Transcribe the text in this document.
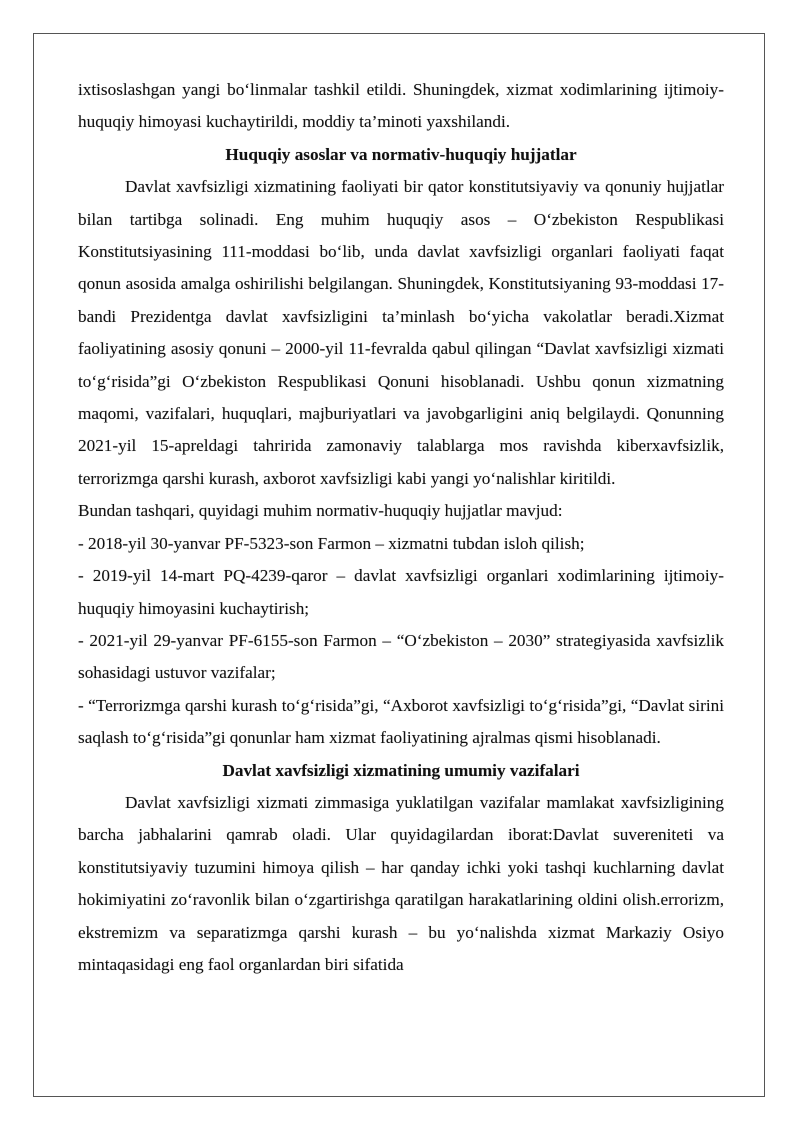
ixtisoslashgan yangi bo‘linmalar tashkil etildi. Shuningdek, xizmat xodimlarining ijtimoiy-huquqiy himoyasi kuchaytirildi, moddiy ta’minoti yaxshilandi.

Huquqiy asoslar va normativ-huquqiy hujjatlar

Davlat xavfsizligi xizmatining faoliyati bir qator konstitutsiyaviy va qonuniy hujjatlar bilan tartibga solinadi. Eng muhim huquqiy asos – O‘zbekiston Respublikasi Konstitutsiyasining 111-moddasi bo‘lib, unda davlat xavfsizligi organlari faoliyati faqat qonun asosida amalga oshirilishi belgilangan. Shuningdek, Konstitutsiyaning 93-moddasi 17-bandi Prezidentga davlat xavfsizligini ta’minlash bo‘yicha vakolatlar beradi.Xizmat faoliyatining asosiy qonuni – 2000-yil 11-fevralda qabul qilingan “Davlat xavfsizligi xizmati to‘g‘risida”gi O‘zbekiston Respublikasi Qonuni hisoblanadi. Ushbu qonun xizmatning maqomi, vazifalari, huquqlari, majburiyatlari va javobgarligini aniq belgilaydi. Qonunning 2021-yil 15-apreldagi tahririda zamonaviy talablarga mos ravishda kiberxavfsizlik, terrorizmga qarshi kurash, axborot xavfsizligi kabi yangi yo‘nalishlar kiritildi.

Bundan tashqari, quyidagi muhim normativ-huquqiy hujjatlar mavjud:

- 2018-yil 30-yanvar PF-5323-son Farmon – xizmatni tubdan isloh qilish;

- 2019-yil 14-mart PQ-4239-qaror – davlat xavfsizligi organlari xodimlarining ijtimoiy-huquqiy himoyasini kuchaytirish;

- 2021-yil 29-yanvar PF-6155-son Farmon – “O‘zbekiston – 2030” strategiyasida xavfsizlik sohasidagi ustuvor vazifalar;

- “Terrorizmga qarshi kurash to‘g‘risida”gi, “Axborot xavfsizligi to‘g‘risida”gi, “Davlat sirini saqlash to‘g‘risida”gi qonunlar ham xizmat faoliyatining ajralmas qismi hisoblanadi.

Davlat xavfsizligi xizmatining umumiy vazifalari

Davlat xavfsizligi xizmati zimmasiga yuklatilgan vazifalar mamlakat xavfsizligining barcha jabhalarini qamrab oladi. Ular quyidagilardan iborat:Davlat suvereniteti va konstitutsiyaviy tuzumini himoya qilish – har qanday ichki yoki tashqi kuchlarning davlat hokimiyatini zo‘ravonlik bilan o‘zgartirishga qaratilgan harakatlarining oldini olish.errorizm, ekstremizm va separatizmga qarshi kurash – bu yo‘nalishda xizmat Markaziy Osiyo mintaqasidagi eng faol organlardan biri sifatida
